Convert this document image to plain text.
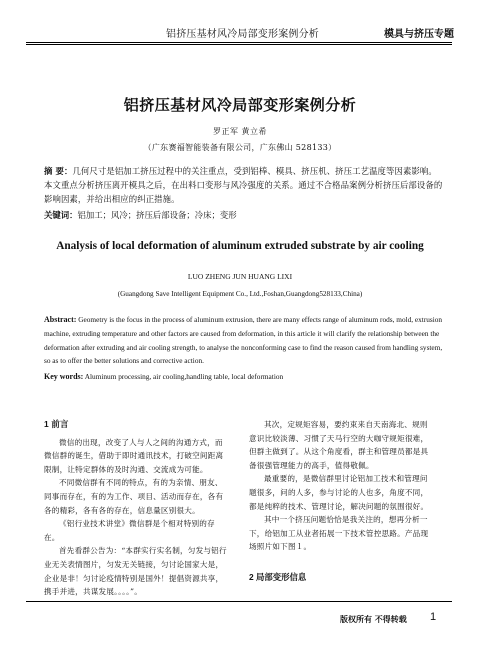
铝挤压基材风冷局部变形案例分析	模具与挤压专题
铝挤压基材风冷局部变形案例分析
罗正军 黄立希
（广东赛福智能装备有限公司，广东佛山 528133）
摘 要：几何尺寸是铝加工挤压过程中的关注重点，受到铝棒、模具、挤压机、挤压工艺温度等因素影响。本文重点分析挤压离开模具之后，在出料口变形与风冷强度的关系。通过不合格品案例分析挤压后部设备的影响因素，并给出相应的纠正措施。
关键词：铝加工；风冷；挤压后部设备；冷床；变形
Analysis of local deformation of aluminum extruded substrate by air cooling
LUO ZHENG JUN HUANG LIXI
(Guangdong Save Intelligent Equipment Co., Ltd.,Foshan,Guangdong528133,China)
Abstract: Geometry is the focus in the process of aluminum extrusion, there are many effects range of aluminum rods, mold, extrusion machine, extruding temperature and other factors are caused from deformation, in this article it will clarify the relationship between the deformation after extruding and air cooling strength, to analyse the nonconforming case to find the reason caused from handling system, so as to offer the better solutions and corrective action.
Key words: Aluminum processing, air cooling,handling table, local deformation
1 前言

微信的出现，改变了人与人之间的沟通方式，而微信群的诞生，借助于即时通讯技术，打破空间距离限制，让特定群体的及时沟通、交流成为可能。

不同微信群有不同的特点，有的为亲情、朋友、同事而存在，有的为工作、项目、活动而存在，各有各的精彩，各有各的存在，信息量区别很大。

《铝行业技术讲堂》微信群是个相对特别的存在。

首先看群公告为：“本群实行实名制，匀发与铝行业无关表情图片，匀发无关链接，匀讨论国家大是，企业是非！匀讨论疫情特别是国外！提倡资源共享，携手并进，共谋发展。。。。”。

其次，定规矩容易，要约束来自天南海北、规则意识比较淡薄、习惯了天马行空的大咖守规矩很难，但群主做到了。从这个角度看，群主和管理员都是具备很强管理能力的高手，值得敬佩。

最重要的，是微信群里讨论铝加工技术和管理问题很多，问的人多，参与讨论的人也多，角度不同，都是纯粹的技术、管理讨论，解决问题的氛围很好。

其中一个挤压问题恰恰是我关注的，想再分析一下，给铝加工从业者拓展一下技术管控思路。产品现场照片如下图１。

2 局部变形信息
版权所有 不得转载 1
